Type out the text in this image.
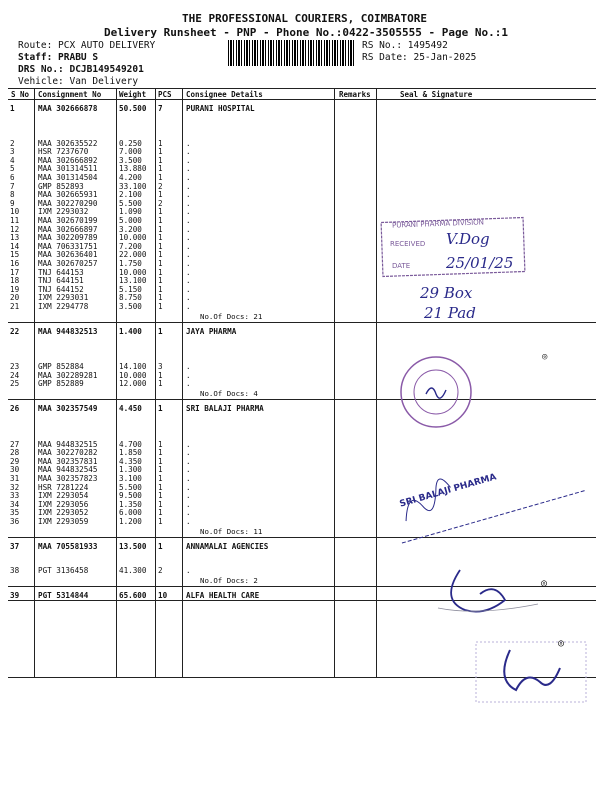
THE PROFESSIONAL COURIERS, COIMBATORE
Delivery Runsheet - PNP - Phone No.:0422-3505555 - Page No.:1
Route: PCX AUTO DELIVERY
Staff: PRABU S
DRS No.: DCJB149549201
Vehicle: Van Delivery
RS No.: 1495492
RS Date: 25-Jan-2025
S No Consignment No Weight PCS Consignee Details	Remarks	Seal & Signature
1	MAA 302666878	50.500 7	PURANI HOSPITAL
2	MAA 302635522	0.250 1	.
3	HSR 7237670	7.000 1	.
4	MAA 302666892	3.500 1	.
5	MAA 301314511	13.880 1	.
6	MAA 301314504	4.200 1	.
7	GMP 852893	33.100 2	.
8	MAA 302665931	2.100 1	.
9	MAA 302270290	5.500 2	.
10 IXM 2293032	1.090 1	.
11 MAA 302670199	5.000 1	.
12 MAA 302666897	3.200 1	.
13 MAA 302209789	10.000 1	.
14 MAA 706331751	7.200 1	.
15 MAA 302636401	22.000 1	.
16 MAA 302670257	1.750 1	.
17 TNJ 644153	10.000 1	.
18 TNJ 644151	13.100 1	.
19 TNJ 644152	5.150 1	.
20 IXM 2293031	8.750 1	.
21 IXM 2294778	3.500 1	.
No.Of Docs: 21
22 MAA 944832513	1.400 1	JAYA PHARMA
23 GMP 852884	14.100 3	.
24 MAA 302289281	10.000 1	.
25 GMP 852889	12.000 1	.
No.Of Docs: 4
26 MAA 302357549	4.450 1	SRI BALAJI PHARMA
27 MAA 944832515	4.700 1	.
28 MAA 302270282	1.850 1	.
29 MAA 302357831	4.350 1	.
30 MAA 944832545	1.300 1	.
31 MAA 302357823	3.100 1	.
32 HSR 7281224	5.500 1	.
33 IXM 2293054	9.500 1	.
34 IXM 2293056	1.350 1	.
35 IXM 2293052	6.000 1	.
36 IXM 2293059	1.200 1	.
No.Of Docs: 11
37 MAA 705581933	13.500 1	ANNAMALAI AGENCIES
38 PGT 3136458	41.300 2	.
No.Of Docs: 2
39 PGT 5314844	65.600 10 ALFA HEALTH CARE
PURANI PHARMA DIVISION
RECEIVED
DATE
V.Dog
25/01/25
29 Box
21 Pad
◎
SRI BALAJI PHARMA
◎
◎
